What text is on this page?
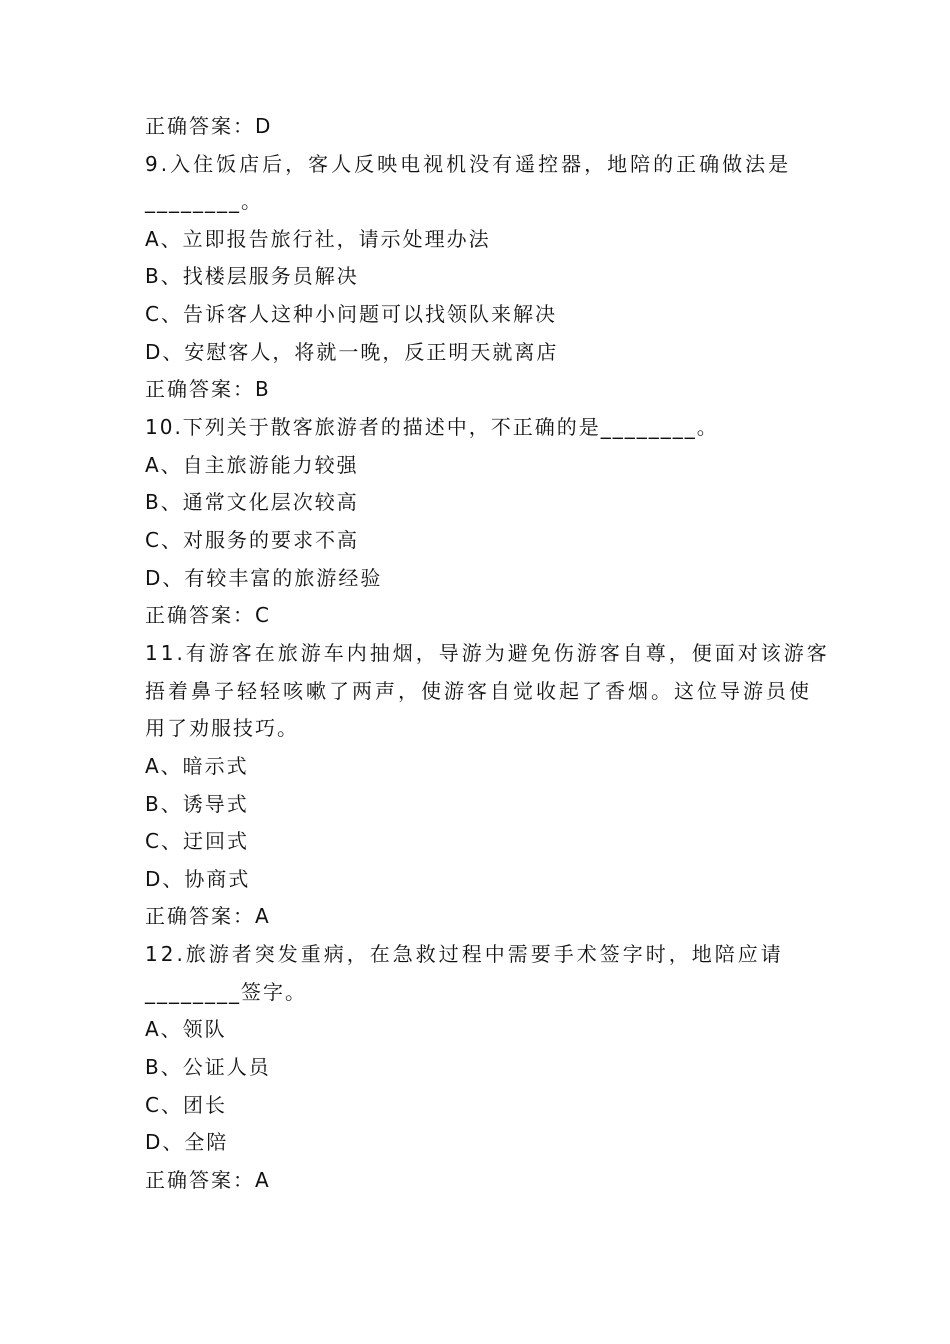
正确答案：D
9.入住饭店后，客人反映电视机没有遥控器，地陪的正确做法是
________。
A、立即报告旅行社，请示处理办法
B、找楼层服务员解决
C、告诉客人这种小问题可以找领队来解决
D、安慰客人，将就一晚，反正明天就离店
正确答案：B
10.下列关于散客旅游者的描述中，不正确的是________。
A、自主旅游能力较强
B、通常文化层次较高
C、对服务的要求不高
D、有较丰富的旅游经验
正确答案：C
11.有游客在旅游车内抽烟，导游为避免伤游客自尊，便面对该游客
捂着鼻子轻轻咳嗽了两声，使游客自觉收起了香烟。这位导游员使
用了劝服技巧。
A、暗示式
B、诱导式
C、迂回式
D、协商式
正确答案：A
12.旅游者突发重病，在急救过程中需要手术签字时，地陪应请
________签字。
A、领队
B、公证人员
C、团长
D、全陪
正确答案：A
